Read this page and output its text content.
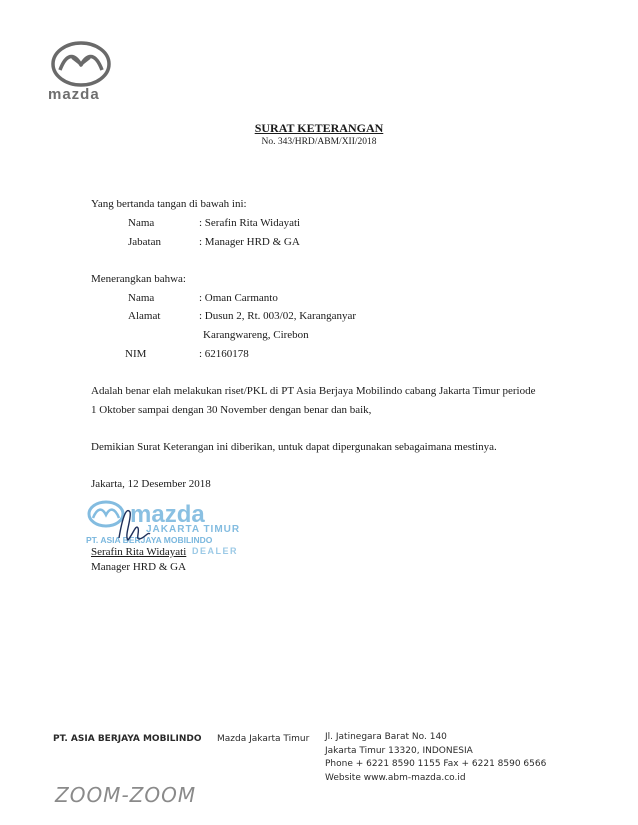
mazda
SURAT KETERANGAN
No. 343/HRD/ABM/XII/2018
Yang bertanda tangan di bawah ini:
Nama	: Serafin Rita Widayati
Jabatan	: Manager HRD & GA
Menerangkan bahwa:
Nama	: Oman Carmanto
Alamat	: Dusun 2, Rt. 003/02, Karanganyar
Karangwareng, Cirebon
NIM	: 62160178
Adalah benar elah melakukan riset/PKL di PT Asia Berjaya Mobilindo cabang Jakarta Timur periode
1 Oktober sampai dengan 30 November dengan benar dan baik,
Demikian Surat Keterangan ini diberikan, untuk dapat dipergunakan sebagaimana mestinya.
Jakarta, 12 Desember 2018
mazda
JAKARTA TIMUR
PT. ASIA BERJAYA MOBILINDO
DEALER
Serafin Rita Widayati
Manager HRD & GA
PT. ASIA BERJAYA MOBILINDO Mazda Jakarta Timur Jl. Jatinegara Barat No. 140
Jakarta Timur 13320, INDONESIA
Phone + 6221 8590 1155 Fax + 6221 8590 6566
Website www.abm-mazda.co.id
ZOOM-ZOOM
